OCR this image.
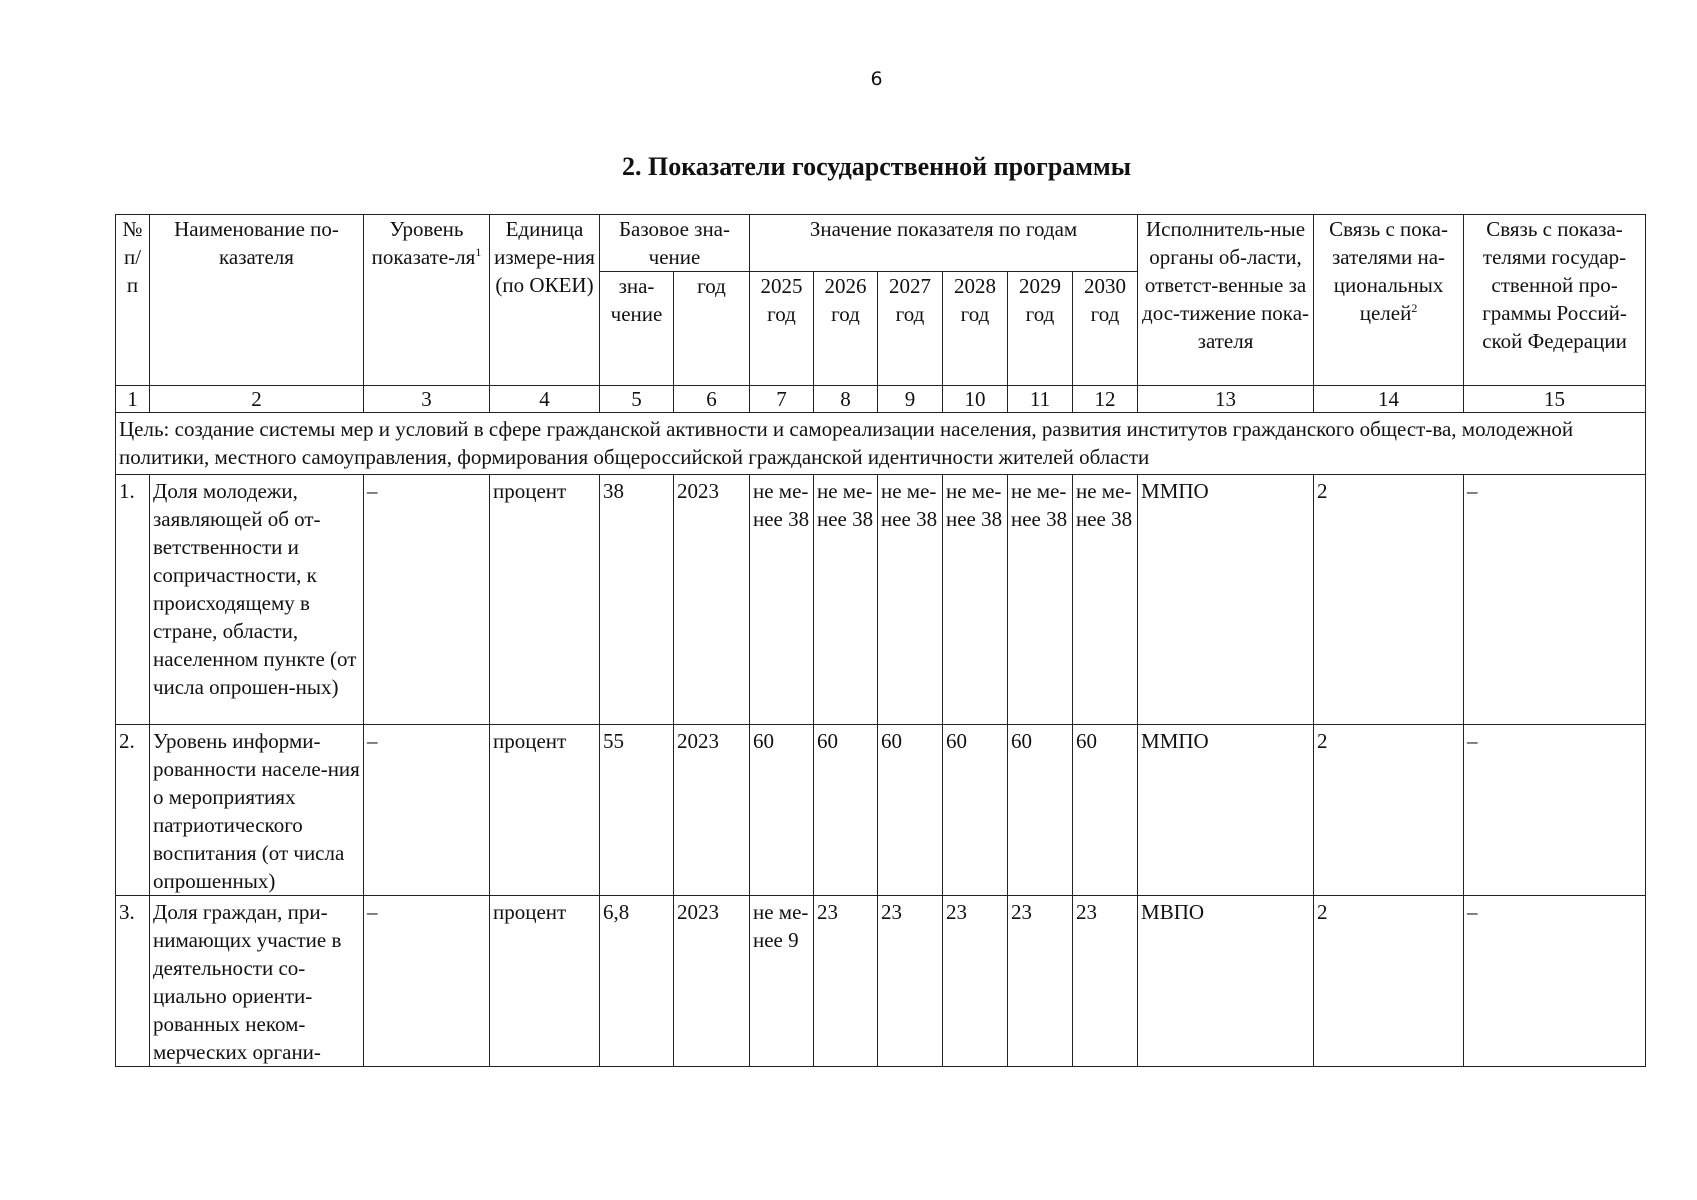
6
2. Показатели государственной программы
№ п/п	Наименование по-казателя	Уровень показате-$ля^1$	Единица измере-ния (по ОКЕИ)	Базовое зна-чение		Значение показателя по годам						Исполнитель-ные органы об-ласти, ответст-венные за дос-тижение пока-зателя	Связь с пока-зателями на-циональных целей$^2$	Связь с показа-телями государ-ственной про-граммы Россий-ской Федерации
				зна-чение	год	2025 год	2026 год	2027 год	2028 год	2029 год	2030 год			
1	2	3	4	5	6	7	8	9	10	11	12	13	14	15
Цель: создание системы мер и условий в сфере гражданской активности и самореализации населения, развития институтов гражданского общест-ва, молодежной политики, местного самоуправления, формирования общероссийской гражданской идентичности жителей области														
1.	Доля молодежи, заявляющей об от-ветственности и сопричастности, к происходящему в стране, области, населенном пункте (от числа опрошен-ных)	–	процент	38	2023	не ме-нее 38	не ме-нее 38	не ме-нее 38	не ме-нее 38	не ме-нее 38	не ме-нее 38	ММПО	2	–
2.	Уровень информи-рованности населе-ния о мероприятиях патриотического воспитания (от числа опрошенных)	–	процент	55	2023	60	60	60	60	60	60	ММПО	2	–
3.	Доля граждан, при-нимающих участие в деятельности со-циально ориенти-рованных неком-мерческих органи-	–	процент	6,8	2023	не ме-нее 9	23	23	23	23	23	МВПО	2	–
